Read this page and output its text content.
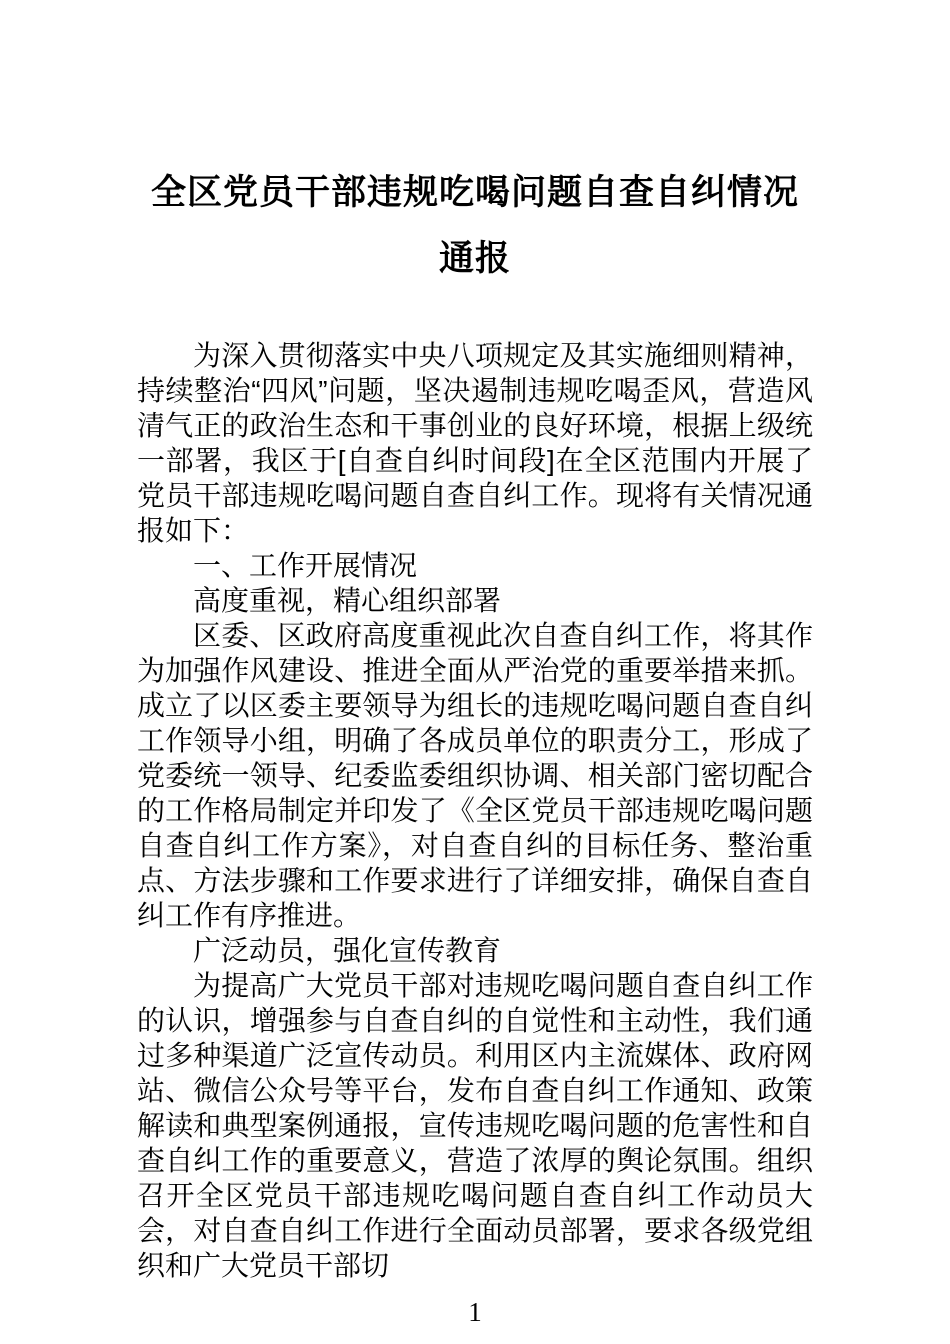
全区党员干部违规吃喝问题自查自纠情况
通报

为深入贯彻落实中央八项规定及其实施细则精神，持续整治“四风”问题，坚决遏制违规吃喝歪风，营造风清气正的政治生态和干事创业的良好环境，根据上级统一部署，我区于[自查自纠时间段]在全区范围内开展了党员干部违规吃喝问题自查自纠工作。现将有关情况通报如下：

一、工作开展情况

高度重视，精心组织部署

区委、区政府高度重视此次自查自纠工作，将其作为加强作风建设、推进全面从严治党的重要举措来抓。成立了以区委主要领导为组长的违规吃喝问题自查自纠工作领导小组，明确了各成员单位的职责分工，形成了党委统一领导、纪委监委组织协调、相关部门密切配合的工作格局制定并印发了《全区党员干部违规吃喝问题自查自纠工作方案》，对自查自纠的目标任务、整治重点、方法步骤和工作要求进行了详细安排，确保自查自纠工作有序推进。

广泛动员，强化宣传教育

为提高广大党员干部对违规吃喝问题自查自纠工作的认识，增强参与自查自纠的自觉性和主动性，我们通过多种渠道广泛宣传动员。利用区内主流媒体、政府网站、微信公众号等平台，发布自查自纠工作通知、政策解读和典型案例通报，宣传违规吃喝问题的危害性和自查自纠工作的重要意义，营造了浓厚的舆论氛围。组织召开全区党员干部违规吃喝问题自查自纠工作动员大会，对自查自纠工作进行全面动员部署，要求各级党组织和广大党员干部切

1
